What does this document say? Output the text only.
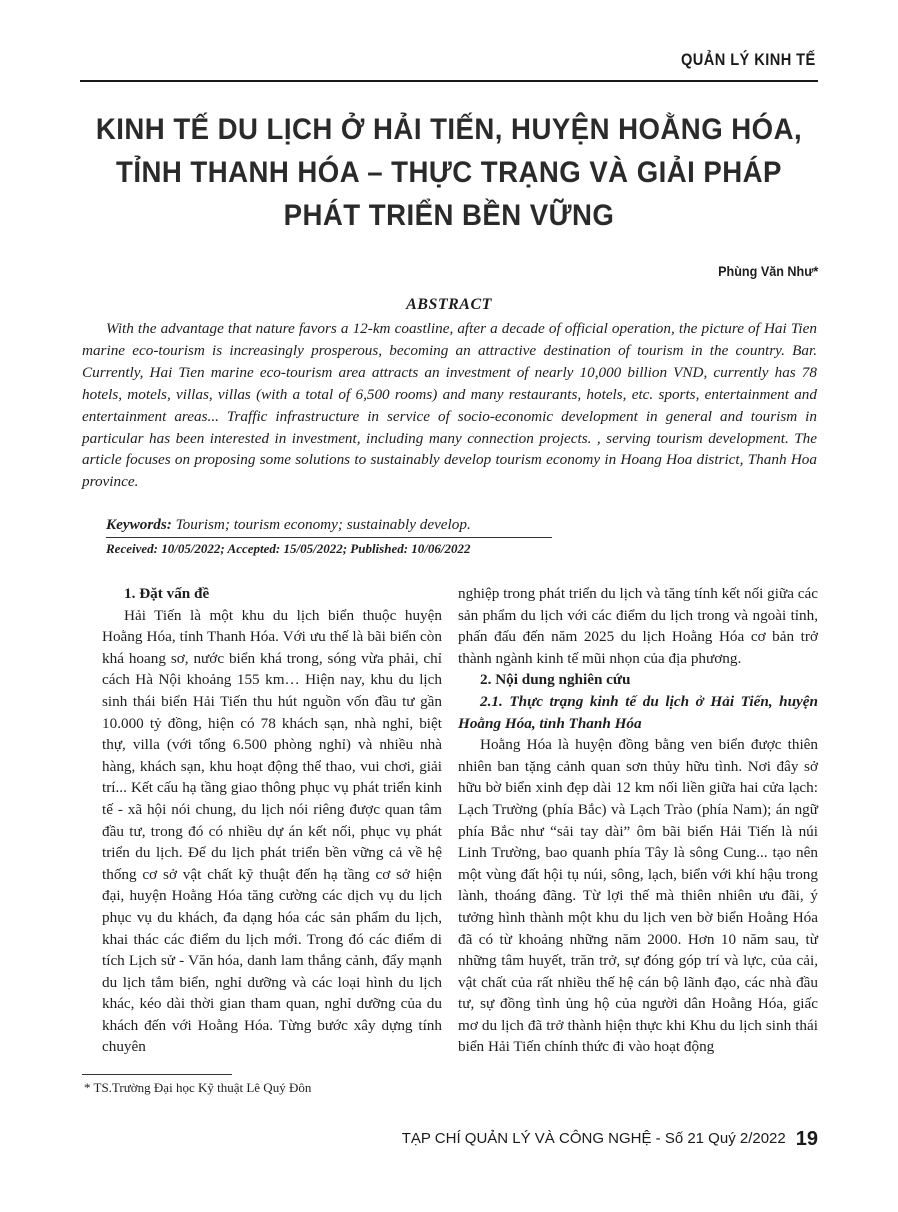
QUẢN LÝ KINH TẾ
KINH TẾ DU LỊCH Ở HẢI TIẾN, HUYỆN HOẰNG HÓA,
TỈNH THANH HÓA – THỰC TRẠNG VÀ GIẢI PHÁP
PHÁT TRIỂN BỀN VỮNG
Phùng Văn Như*
ABSTRACT
With the advantage that nature favors a 12-km coastline, after a decade of official operation, the picture of Hai Tien marine eco-tourism is increasingly prosperous, becoming an attractive destination of tourism in the country. Bar. Currently, Hai Tien marine eco-tourism area attracts an investment of nearly 10,000 billion VND, currently has 78 hotels, motels, villas, villas (with a total of 6,500 rooms) and many restaurants, hotels, etc. sports, entertainment and entertainment areas... Traffic infrastructure in service of socio-economic development in general and tourism in particular has been interested in investment, including many connection projects. , serving tourism development. The article focuses on proposing some solutions to sustainably develop tourism economy in Hoang Hoa district, Thanh Hoa province.
Keywords: Tourism; tourism economy; sustainably develop.
Received: 10/05/2022; Accepted: 15/05/2022; Published: 10/06/2022

1. Đặt vấn đề

Hải Tiến là một khu du lịch biển thuộc huyện Hoằng Hóa, tỉnh Thanh Hóa. Với ưu thế là bãi biển còn khá hoang sơ, nước biển khá trong, sóng vừa phải, chỉ cách Hà Nội khoảng 155 km… Hiện nay, khu du lịch sinh thái biển Hải Tiến thu hút nguồn vốn đầu tư gần 10.000 tỷ đồng, hiện có 78 khách sạn, nhà nghỉ, biệt thự, villa (với tổng 6.500 phòng nghỉ) và nhiều nhà hàng, khách sạn, khu hoạt động thể thao, vui chơi, giải trí... Kết cấu hạ tầng giao thông phục vụ phát triển kinh tế - xã hội nói chung, du lịch nói riêng được quan tâm đầu tư, trong đó có nhiều dự án kết nối, phục vụ phát triển du lịch. Để du lịch phát triển bền vững cả về hệ thống cơ sở vật chất kỹ thuật đến hạ tầng cơ sở hiện đại, huyện Hoằng Hóa tăng cường các dịch vụ du lịch phục vụ du khách, đa dạng hóa các sản phẩm du lịch, khai thác các điểm du lịch mới. Trong đó các điểm di tích Lịch sử - Văn hóa, danh lam thắng cảnh, đẩy mạnh du lịch tắm biển, nghỉ dưỡng và các loại hình du lịch khác, kéo dài thời gian tham quan, nghỉ dưỡng của du khách đến với Hoằng Hóa. Từng bước xây dựng tính chuyên

nghiệp trong phát triển du lịch và tăng tính kết nối giữa các sản phẩm du lịch với các điểm du lịch trong và ngoài tỉnh, phấn đấu đến năm 2025 du lịch Hoằng Hóa cơ bản trở thành ngành kinh tế mũi nhọn của địa phương.

2. Nội dung nghiên cứu

2.1. Thực trạng kinh tế du lịch ở Hải Tiến, huyện Hoằng Hóa, tỉnh Thanh Hóa

Hoằng Hóa là huyện đồng bằng ven biển được thiên nhiên ban tặng cảnh quan sơn thủy hữu tình. Nơi đây sở hữu bờ biển xinh đẹp dài 12 km nối liền giữa hai cửa lạch: Lạch Trường (phía Bắc) và Lạch Trào (phía Nam); án ngữ phía Bắc như “sải tay dài” ôm bãi biển Hải Tiến là núi Linh Trường, bao quanh phía Tây là sông Cung... tạo nên một vùng đất hội tụ núi, sông, lạch, biển với khí hậu trong lành, thoáng đãng. Từ lợi thế mà thiên nhiên ưu đãi, ý tưởng hình thành một khu du lịch ven bờ biển Hoằng Hóa đã có từ khoảng những năm 2000. Hơn 10 năm sau, từ những tâm huyết, trăn trở, sự đóng góp trí và lực, của cải, vật chất của rất nhiều thế hệ cán bộ lãnh đạo, các nhà đầu tư, sự đồng tình ủng hộ của người dân Hoằng Hóa, giấc mơ du lịch đã trở thành hiện thực khi Khu du lịch sinh thái biển Hải Tiến chính thức đi vào hoạt động

* TS.Trường Đại học Kỹ thuật Lê Quý Đôn
TẠP CHÍ QUẢN LÝ VÀ CÔNG NGHỆ - Số 21 Quý 2/2022 19
